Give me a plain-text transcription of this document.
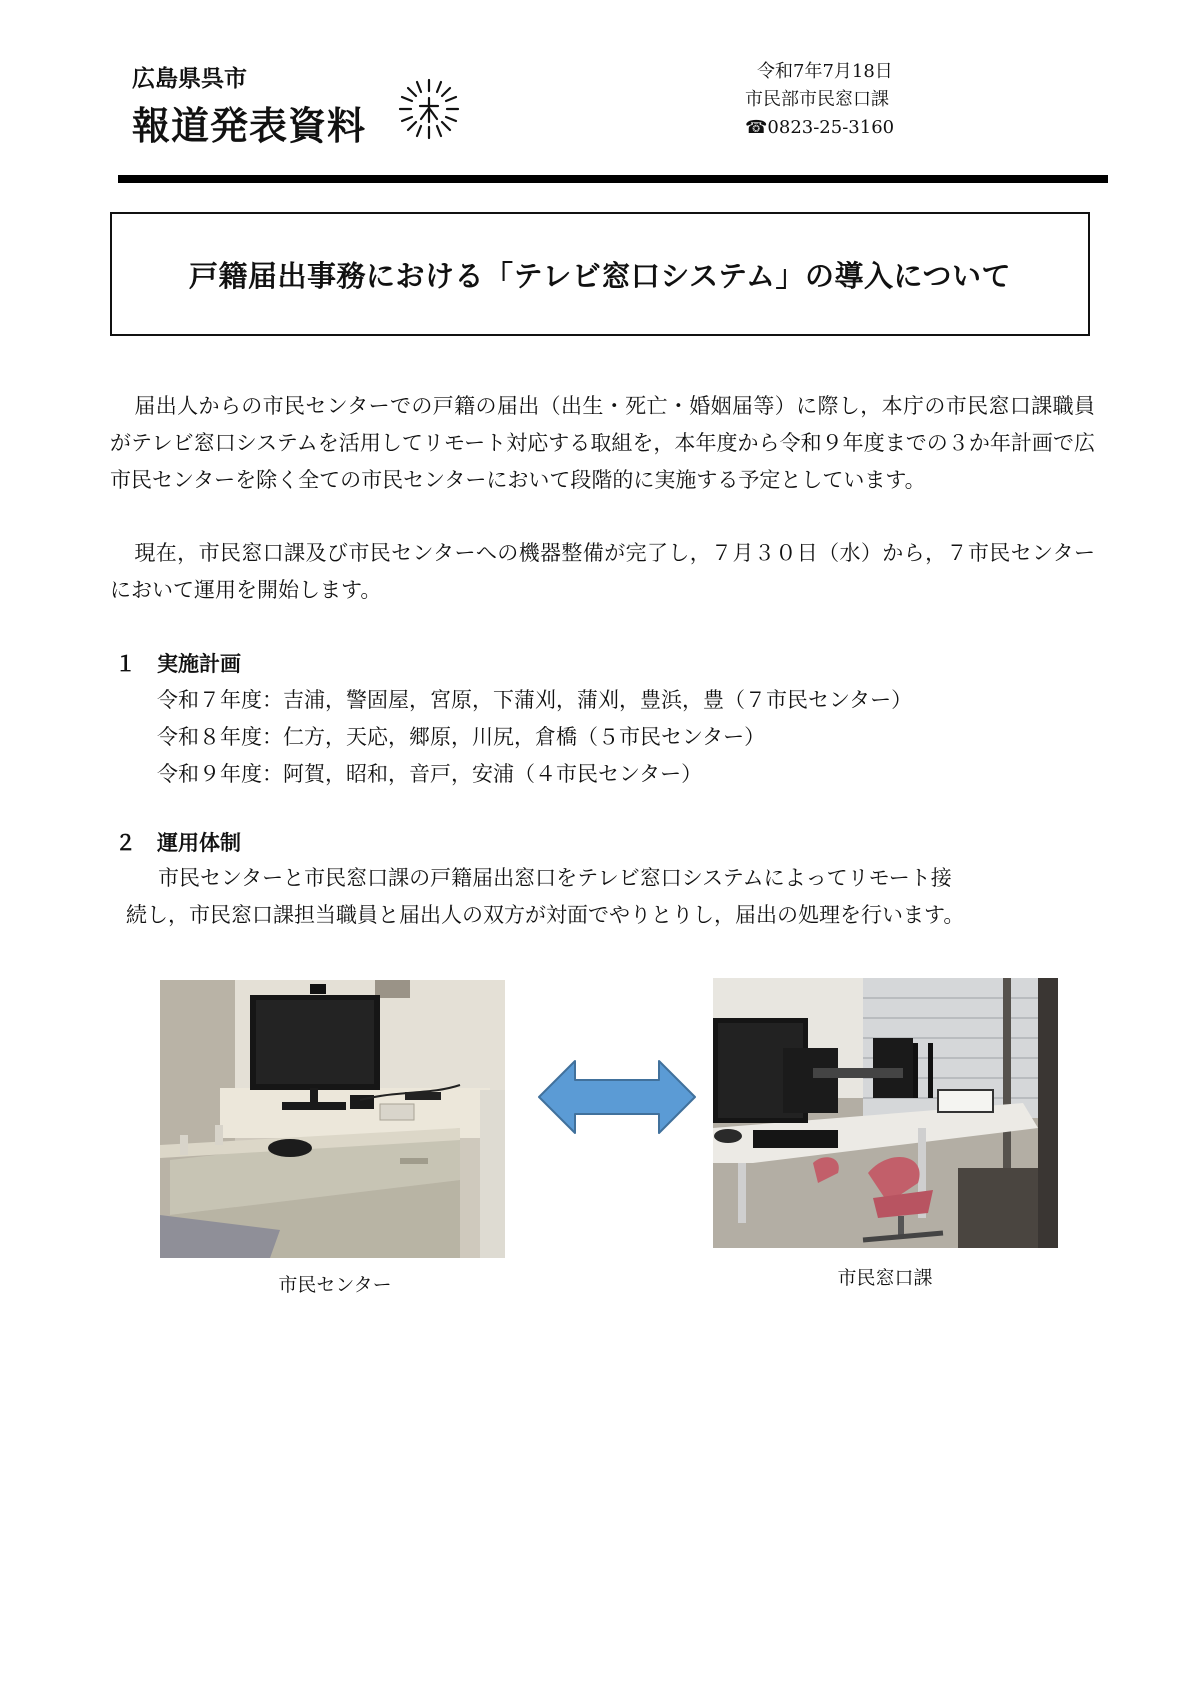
広島県呉市
報道発表資料
令和7年7月18日
市民部市民窓口課
☎0823-25-3160
戸籍届出事務における「テレビ窓口システム」の導入について
届出人からの市民センターでの戸籍の届出（出生・死亡・婚姻届等）に際し，本庁の市民窓口課職員がテレビ窓口システムを活用してリモート対応する取組を，本年度から令和９年度までの３か年計画で広市民センターを除く全ての市民センターにおいて段階的に実施する予定としています。
現在，市民窓口課及び市民センターへの機器整備が完了し，７月３０日（水）から，７市民センターにおいて運用を開始します。
１ 実施計画
令和７年度：吉浦，警固屋，宮原，下蒲刈，蒲刈，豊浜，豊（７市民センター）
令和８年度：仁方，天応，郷原，川尻，倉橋（５市民センター）
令和９年度：阿賀，昭和，音戸，安浦（４市民センター）
２ 運用体制
市民センターと市民窓口課の戸籍届出窓口をテレビ窓口システムによってリモート接
続し，市民窓口課担当職員と届出人の双方が対面でやりとりし，届出の処理を行います。
市民センター	市民窓口課
